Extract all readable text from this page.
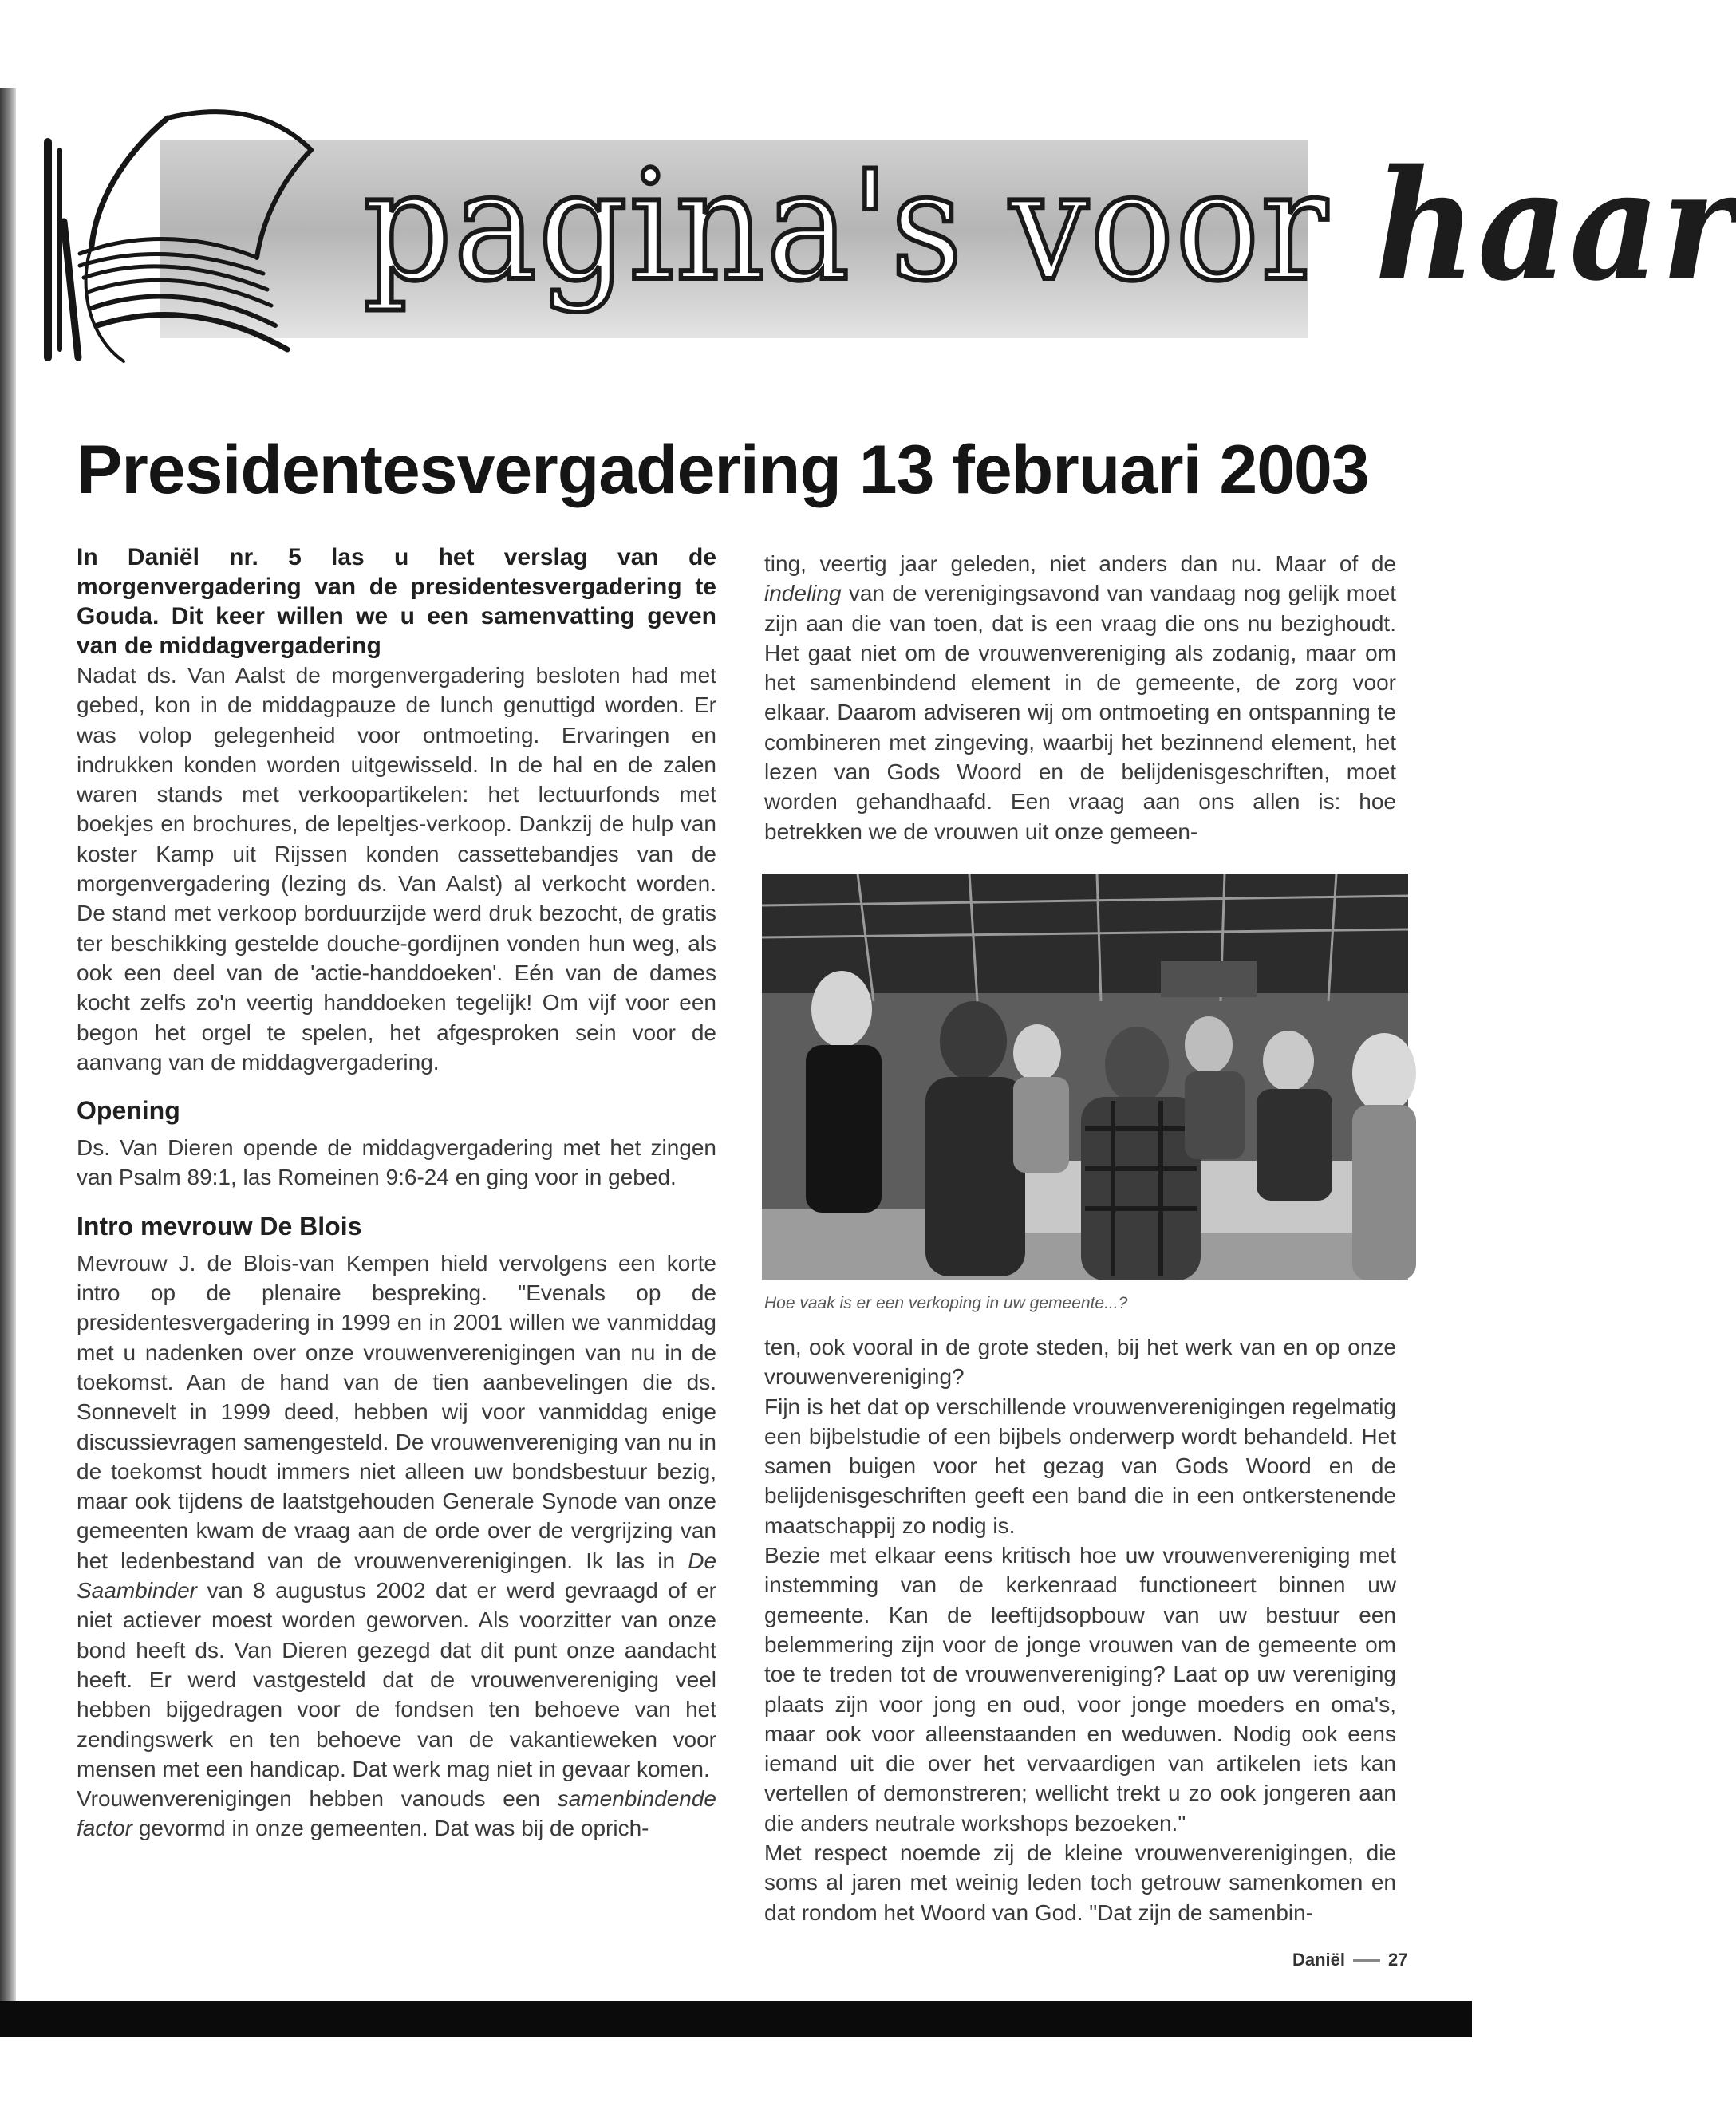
pagina's voor haar
Presidentesvergadering 13 februari 2003

In Daniël nr. 5 las u het verslag van de morgenvergadering van de presidentesvergadering te Gouda. Dit keer willen we u een samenvatting geven van de middagvergadering

Nadat ds. Van Aalst de morgenvergadering besloten had met gebed, kon in de middagpauze de lunch genuttigd worden. Er was volop gelegenheid voor ontmoeting. Ervaringen en indrukken konden worden uitgewisseld. In de hal en de zalen waren stands met verkoopartikelen: het lectuurfonds met boekjes en brochures, de lepeltjes-verkoop. Dankzij de hulp van koster Kamp uit Rijssen konden cassettebandjes van de morgenvergadering (lezing ds. Van Aalst) al verkocht worden. De stand met verkoop borduurzijde werd druk bezocht, de gratis ter beschikking gestelde douche-gordijnen vonden hun weg, als ook een deel van de 'actie-handdoeken'. Eén van de dames kocht zelfs zo'n veertig handdoeken tegelijk! Om vijf voor een begon het orgel te spelen, het afgesproken sein voor de aanvang van de middagvergadering.

Opening

Ds. Van Dieren opende de middagvergadering met het zingen van Psalm 89:1, las Romeinen 9:6-24 en ging voor in gebed.

Intro mevrouw De Blois

Mevrouw J. de Blois-van Kempen hield vervolgens een korte intro op de plenaire bespreking. "Evenals op de presidentesvergadering in 1999 en in 2001 willen we vanmiddag met u nadenken over onze vrouwenverenigingen van nu in de toekomst. Aan de hand van de tien aanbevelingen die ds. Sonnevelt in 1999 deed, hebben wij voor vanmiddag enige discussievragen samengesteld. De vrouwenvereniging van nu in de toekomst houdt immers niet alleen uw bondsbestuur bezig, maar ook tijdens de laatstgehouden Generale Synode van onze gemeenten kwam de vraag aan de orde over de vergrijzing van het ledenbestand van de vrouwenverenigingen. Ik las in De Saambinder van 8 augustus 2002 dat er werd gevraagd of er niet actiever moest worden geworven. Als voorzitter van onze bond heeft ds. Van Dieren gezegd dat dit punt onze aandacht heeft. Er werd vastgesteld dat de vrouwenvereniging veel hebben bijgedragen voor de fondsen ten behoeve van het zendingswerk en ten behoeve van de vakantieweken voor mensen met een handicap. Dat werk mag niet in gevaar komen.

Vrouwenverenigingen hebben vanouds een samenbindende factor gevormd in onze gemeenten. Dat was bij de oprich-

ting, veertig jaar geleden, niet anders dan nu. Maar of de indeling van de verenigingsavond van vandaag nog gelijk moet zijn aan die van toen, dat is een vraag die ons nu bezighoudt. Het gaat niet om de vrouwenvereniging als zodanig, maar om het samenbindend element in de gemeente, de zorg voor elkaar. Daarom adviseren wij om ontmoeting en ontspanning te combineren met zingeving, waarbij het bezinnend element, het lezen van Gods Woord en de belijdenisgeschriften, moet worden gehandhaafd. Een vraag aan ons allen is: hoe betrekken we de vrouwen uit onze gemeen-

Hoe vaak is er een verkoping in uw gemeente...?

ten, ook vooral in de grote steden, bij het werk van en op onze vrouwenvereniging?

Fijn is het dat op verschillende vrouwenverenigingen regelmatig een bijbelstudie of een bijbels onderwerp wordt behandeld. Het samen buigen voor het gezag van Gods Woord en de belijdenisgeschriften geeft een band die in een ontkerstenende maatschappij zo nodig is.

Bezie met elkaar eens kritisch hoe uw vrouwenvereniging met instemming van de kerkenraad functioneert binnen uw gemeente. Kan de leeftijdsopbouw van uw bestuur een belemmering zijn voor de jonge vrouwen van de gemeente om toe te treden tot de vrouwenvereniging? Laat op uw vereniging plaats zijn voor jong en oud, voor jonge moeders en oma's, maar ook voor alleenstaanden en weduwen. Nodig ook eens iemand uit die over het vervaardigen van artikelen iets kan vertellen of demonstreren; wellicht trekt u zo ook jongeren aan die anders neutrale workshops bezoeken."

Met respect noemde zij de kleine vrouwenverenigingen, die soms al jaren met weinig leden toch getrouw samenkomen en dat rondom het Woord van God. "Dat zijn de samenbin-

Daniël 27
